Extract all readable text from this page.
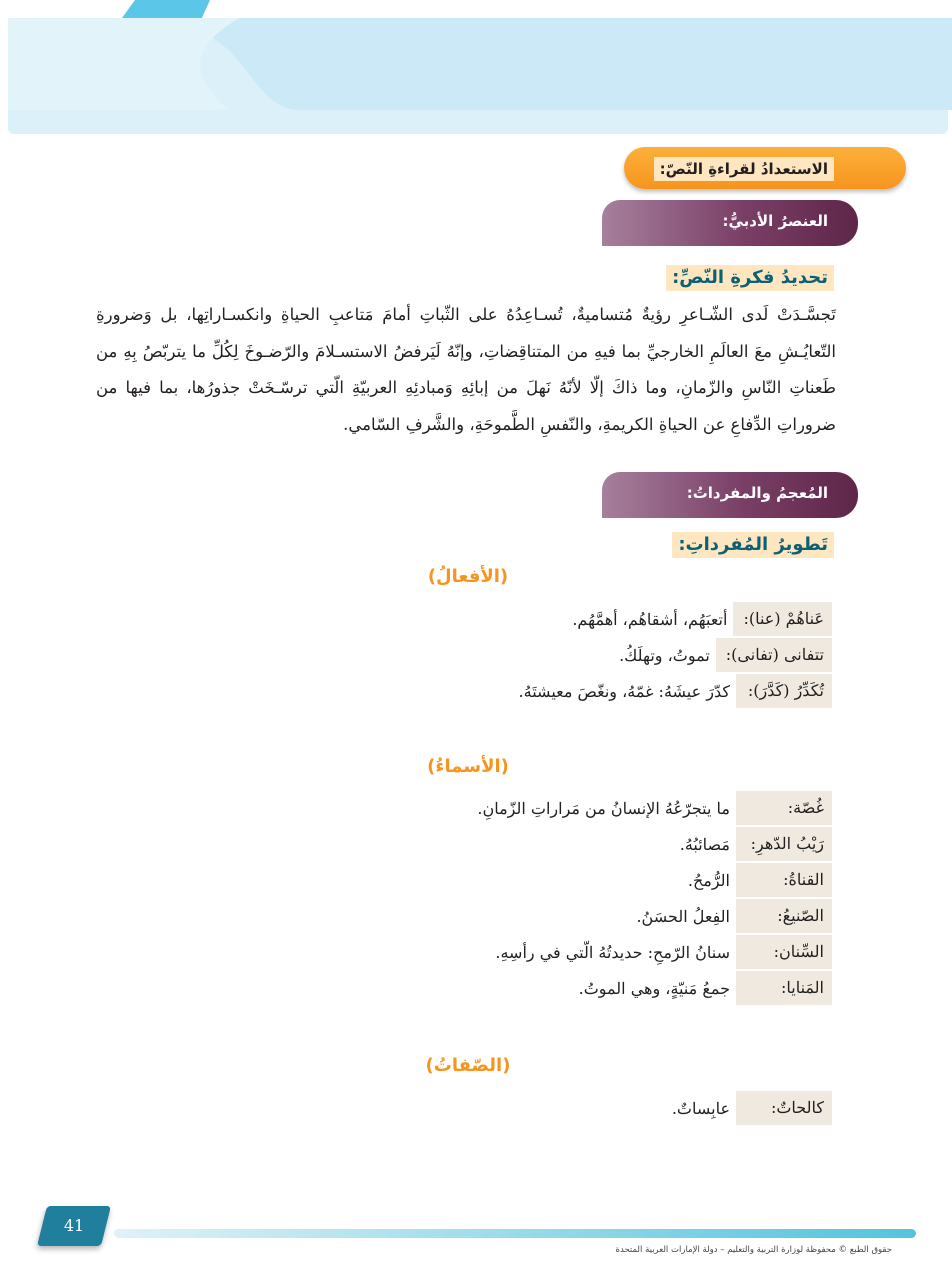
الاستعدادُ لقراءةِ النّصّ:
العنصرُ الأدبيُّ:
تحديدُ فكرةِ النّصِّ:

تَجسَّـدَتْ لَدى الشّـاعرِ رؤيةٌ مُتساميةٌ، تُسـاعِدُهُ على الثّباتِ أمامَ مَتاعبِ الحياةِ وانكسـاراتِها، بل وَضرورةِ التّعايُـشِ معَ العالَمِ الخارجيِّ بما فيهِ من المتناقِضاتِ، وإنّهُ لَيَرفضُ الاستسـلامَ والرّضـوخَ لِكُلِّ ما يتربّصُ بِهِ من طَعناتِ النّاسِ والزّمانِ، وما ذاكَ إلّا لأنّهُ نَهلَ من إبائِهِ وَمبادئِهِ العربيّةِ الّتي ترسّـخَتْ جذورُها، بما فيها من ضروراتِ الدِّفاعِ عن الحياةِ الكريمةِ، والنّفسِ الطَّموحَةِ، والشَّرفِ السّامي.

المُعجمُ والمفرداتُ:
تَطويرُ المُفرداتِ:
(الأفعالُ)
عَناهُمْ (عنا):
أتعبَهُم، أشقاهُم، أهمَّهُم.
تتفانى (تفانى):
تموتُ، وتهلَكُ.
تُكَدِّرُ (كَدَّرَ):
كدّرَ عيشَهُ: غمّهُ، ونغّصَ معيشتَهُ.
(الأسماءُ)
غُصّة:
ما يتجرّعُهُ الإنسانُ من مَراراتِ الزّمانِ.
رَيْبُ الدّهرِ:
مَصائبُهُ.
القناةُ:
الرُّمحُ.
الصّنيعُ:
الفِعلُ الحسَنُ.
السِّنان:
سنانُ الرّمحِ: حديدتُهُ الّتي في رأسِهِ.
المَنايا:
جمعُ مَنيّةٍ، وهي الموتُ.
(الصّفاتُ)
كالحاتٌ:
عابِساتٌ.
41
حقوق الطبع © محفوظة لوزارة التربية والتعليم – دولة الإمارات العربية المتحدة
